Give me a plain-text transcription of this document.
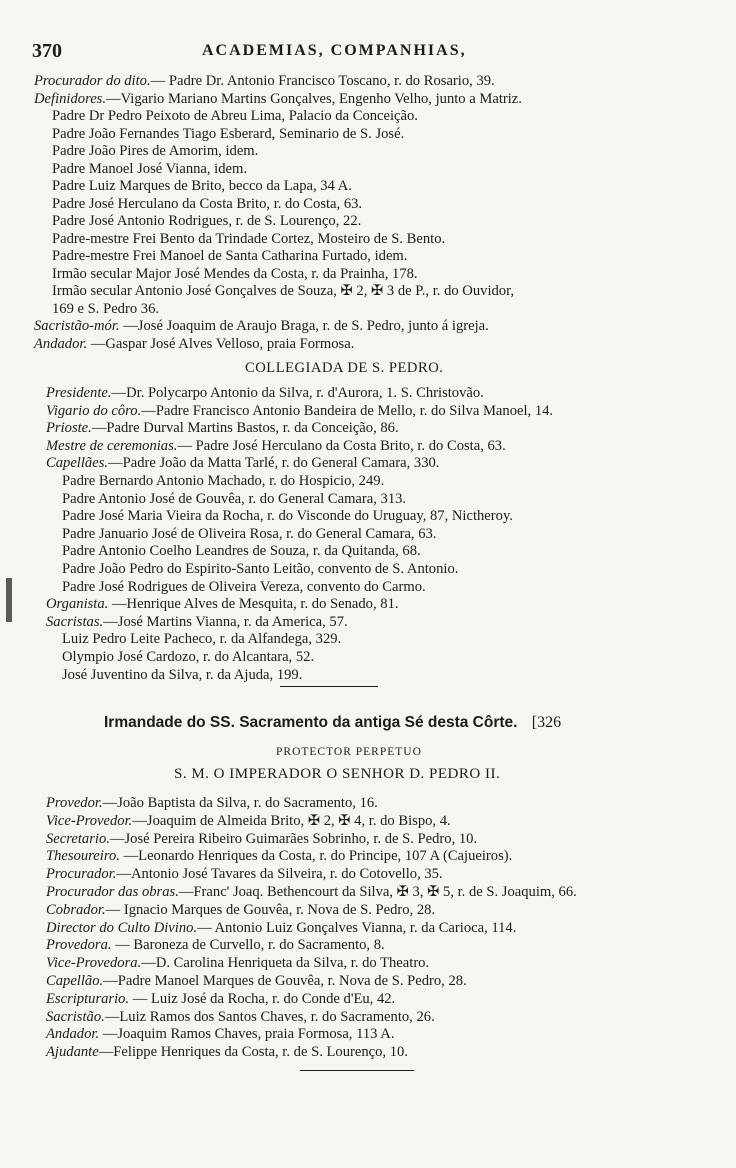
370	ACADEMIAS, COMPANHIAS,
Procurador do dito.— Padre Dr. Antonio Francisco Toscano, r. do Rosario, 39.
Definidores.—Vigario Mariano Martins Gonçalves, Engenho Velho, junto a Matriz.
Padre Dr Pedro Peixoto de Abreu Lima, Palacio da Conceição.
Padre João Fernandes Tiago Esberard, Seminario de S. José.
Padre João Pires de Amorim, idem.
Padre Manoel José Vianna, idem.
Padre Luiz Marques de Brito, becco da Lapa, 34 A.
Padre José Herculano da Costa Brito, r. do Costa, 63.
Padre José Antonio Rodrigues, r. de S. Lourenço, 22.
Padre-mestre Frei Bento da Trindade Cortez, Mosteiro de S. Bento.
Padre-mestre Frei Manoel de Santa Catharina Furtado, idem.
Irmão secular Major José Mendes da Costa, r. da Prainha, 178.
Irmão secular Antonio José Gonçalves de Souza, ✠ 2, ✠ 3 de P., r. do Ouvidor,
169 e S. Pedro 36.
Sacristão-mór. —José Joaquim de Araujo Braga, r. de S. Pedro, junto á igreja.
Andador. —Gaspar José Alves Velloso, praia Formosa.
COLLEGIADA DE S. PEDRO.
Presidente.—Dr. Polycarpo Antonio da Silva, r. d'Aurora, 1. S. Christovão.
Vigario do côro.—Padre Francisco Antonio Bandeira de Mello, r. do Silva Manoel, 14.
Prioste.—Padre Durval Martins Bastos, r. da Conceição, 86.
Mestre de ceremonias.— Padre José Herculano da Costa Brito, r. do Costa, 63.
Capellães.—Padre João da Matta Tarlé, r. do General Camara, 330.
Padre Bernardo Antonio Machado, r. do Hospicio, 249.
Padre Antonio José de Gouvêa, r. do General Camara, 313.
Padre José Maria Vieira da Rocha, r. do Visconde do Uruguay, 87, Nictheroy.
Padre Januario José de Oliveira Rosa, r. do General Camara, 63.
Padre Antonio Coelho Leandres de Souza, r. da Quitanda, 68.
Padre João Pedro do Espirito-Santo Leitão, convento de S. Antonio.
Padre José Rodrigues de Oliveira Vereza, convento do Carmo.
Organista. —Henrique Alves de Mesquita, r. do Senado, 81.
Sacristas.—José Martins Vianna, r. da America, 57.
Luiz Pedro Leite Pacheco, r. da Alfandega, 329.
Olympio José Cardozo, r. do Alcantara, 52.
José Juventino da Silva, r. da Ajuda, 199.
Irmandade do SS. Sacramento da antiga Sé desta Côrte. [326
PROTECTOR PERPETUO
S. M. O IMPERADOR O SENHOR D. PEDRO II.
Provedor.—João Baptista da Silva, r. do Sacramento, 16.
Vice-Provedor.—Joaquim de Almeida Brito, ✠ 2, ✠ 4, r. do Bispo, 4.
Secretario.—José Pereira Ribeiro Guimarães Sobrinho, r. de S. Pedro, 10.
Thesoureiro. —Leonardo Henriques da Costa, r. do Principe, 107 A (Cajueiros).
Procurador.—Antonio José Tavares da Silveira, r. do Cotovello, 35.
Procurador das obras.—Franc' Joaq. Bethencourt da Silva, ✠ 3, ✠ 5, r. de S. Joaquim, 66.
Cobrador.— Ignacio Marques de Gouvêa, r. Nova de S. Pedro, 28.
Director do Culto Divino.— Antonio Luiz Gonçalves Vianna, r. da Carioca, 114.
Provedora. — Baroneza de Curvello, r. do Sacramento, 8.
Vice-Provedora.—D. Carolina Henriqueta da Silva, r. do Theatro.
Capellão.—Padre Manoel Marques de Gouvêa, r. Nova de S. Pedro, 28.
Escripturario. — Luiz José da Rocha, r. do Conde d'Eu, 42.
Sacristão.—Luiz Ramos dos Santos Chaves, r. do Sacramento, 26.
Andador. —Joaquim Ramos Chaves, praia Formosa, 113 A.
Ajudante—Felippe Henriques da Costa, r. de S. Lourenço, 10.
